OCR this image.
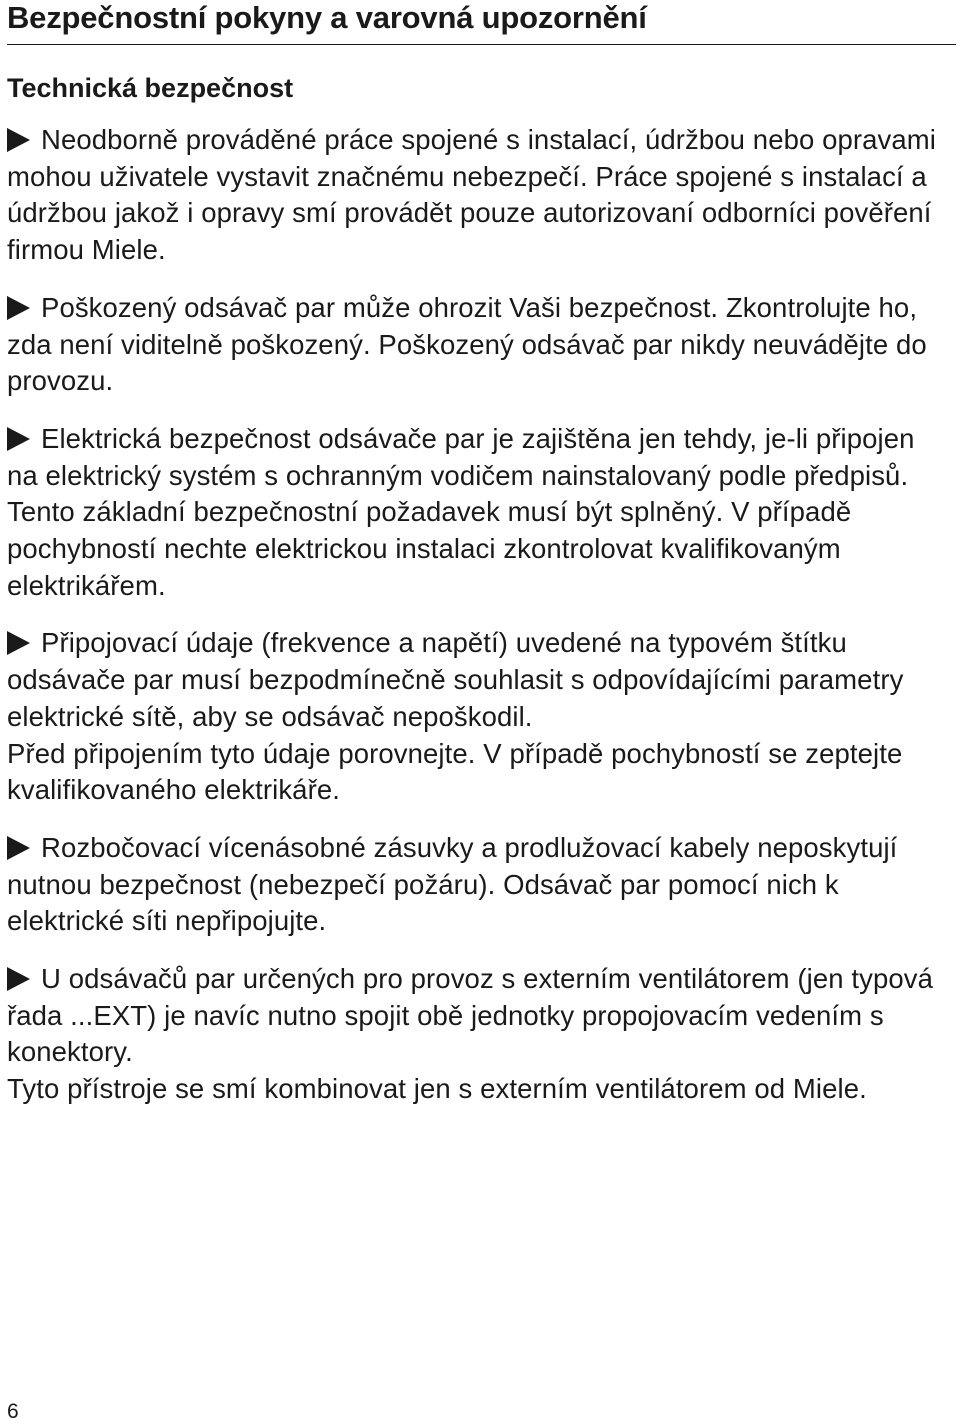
Bezpečnostní pokyny a varovná upozornění
Technická bezpečnost

Neodborně prováděné práce spojené s instalací, údržbou nebo opravami mohou uživatele vystavit značnému nebezpečí. Práce spojené s instalací a údržbou jakož i opravy smí provádět pouze autorizovaní odborníci pověření firmou Miele.

Poškozený odsávač par může ohrozit Vaši bezpečnost. Zkontrolujte ho, zda není viditelně poškozený. Poškozený odsávač par nikdy neuvádějte do provozu.

Elektrická bezpečnost odsávače par je zajištěna jen tehdy, je-li připojen na elektrický systém s ochranným vodičem nainstalovaný podle předpisů. Tento základní bezpečnostní požadavek musí být splněný. V případě pochybností nechte elektrickou instalaci zkontrolovat kvalifikovaným elektrikářem.

Připojovací údaje (frekvence a napětí) uvedené na typovém štítku odsávače par musí bezpodmínečně souhlasit s odpovídajícími parametry elektrické sítě, aby se odsávač nepoškodil.

Před připojením tyto údaje porovnejte. V případě pochybností se zeptejte kvalifikovaného elektrikáře.

Rozbočovací vícenásobné zásuvky a prodlužovací kabely neposkytují nutnou bezpečnost (nebezpečí požáru). Odsávač par pomocí nich k elektrické síti nepřipojujte.

U odsávačů par určených pro provoz s externím ventilátorem (jen typová řada ...EXT) je navíc nutno spojit obě jednotky propojovacím vedením s konektory.

Tyto přístroje se smí kombinovat jen s externím ventilátorem od Miele.

6
